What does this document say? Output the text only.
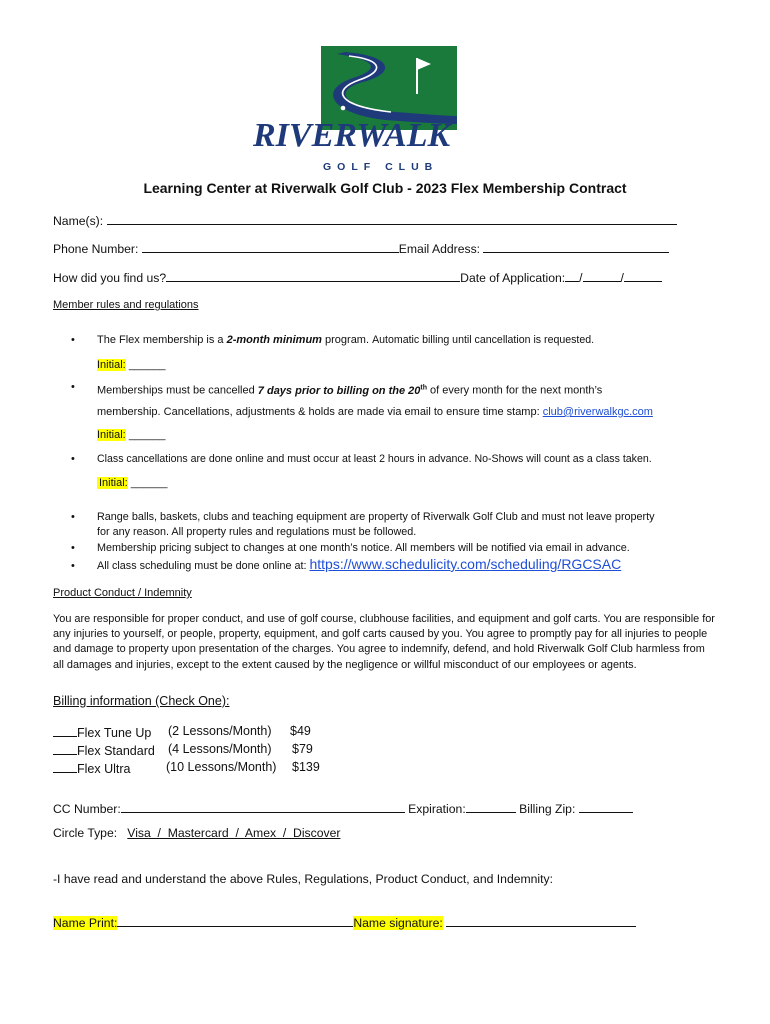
RIVERWALK
GOLF CLUB
Learning Center at Riverwalk Golf Club - 2023 Flex Membership Contract
Name(s):
Phone Number:	Email Address:
How did you find us?	Date of Application: /	/
Member rules and regulations
• The Flex membership is a 2-month minimum program. Automatic billing until cancellation is requested.
Initial: ______
• Memberships must be cancelled 7 days prior to billing on the 20th of every month for the next month’s
membership. Cancellations, adjustments & holds are made via email to ensure time stamp: club@riverwalkgc.com
Initial: ______
• Class cancellations are done online and must occur at least 2 hours in advance. No-Shows will count as a class taken.
Initial: ______
• Range balls, baskets, clubs and teaching equipment are property of Riverwalk Golf Club and must not leave property
for any reason. All property rules and regulations must be followed.
• Membership pricing subject to changes at one month’s notice. All members will be notified via email in advance.
• All class scheduling must be done online at: https://www.schedulicity.com/scheduling/RGCSAC
Product Conduct / Indemnity
You are responsible for proper conduct, and use of golf course, clubhouse facilities, and equipment and golf carts. You are responsible for any injuries to yourself, or people, property, equipment, and golf carts caused by you. You agree to promptly pay for all injuries to people and damage to property upon presentation of the charges. You agree to indemnify, defend, and hold Riverwalk Golf Club harmless from all damages and injuries, except to the extent caused by the negligence or willful misconduct of our employees or agents.
Billing information (Check One):
Flex Tune Up (2 Lessons/Month) $49
Flex Standard (4 Lessons/Month) $79
Flex Ultra	(10 Lessons/Month) $139
CC Number:	Expiration:	Billing Zip:
Circle Type: Visa  /  Mastercard  /  Amex  /  Discover
-I have read and understand the above Rules, Regulations, Product Conduct, and Indemnity:
Name Print:	Name signature:
